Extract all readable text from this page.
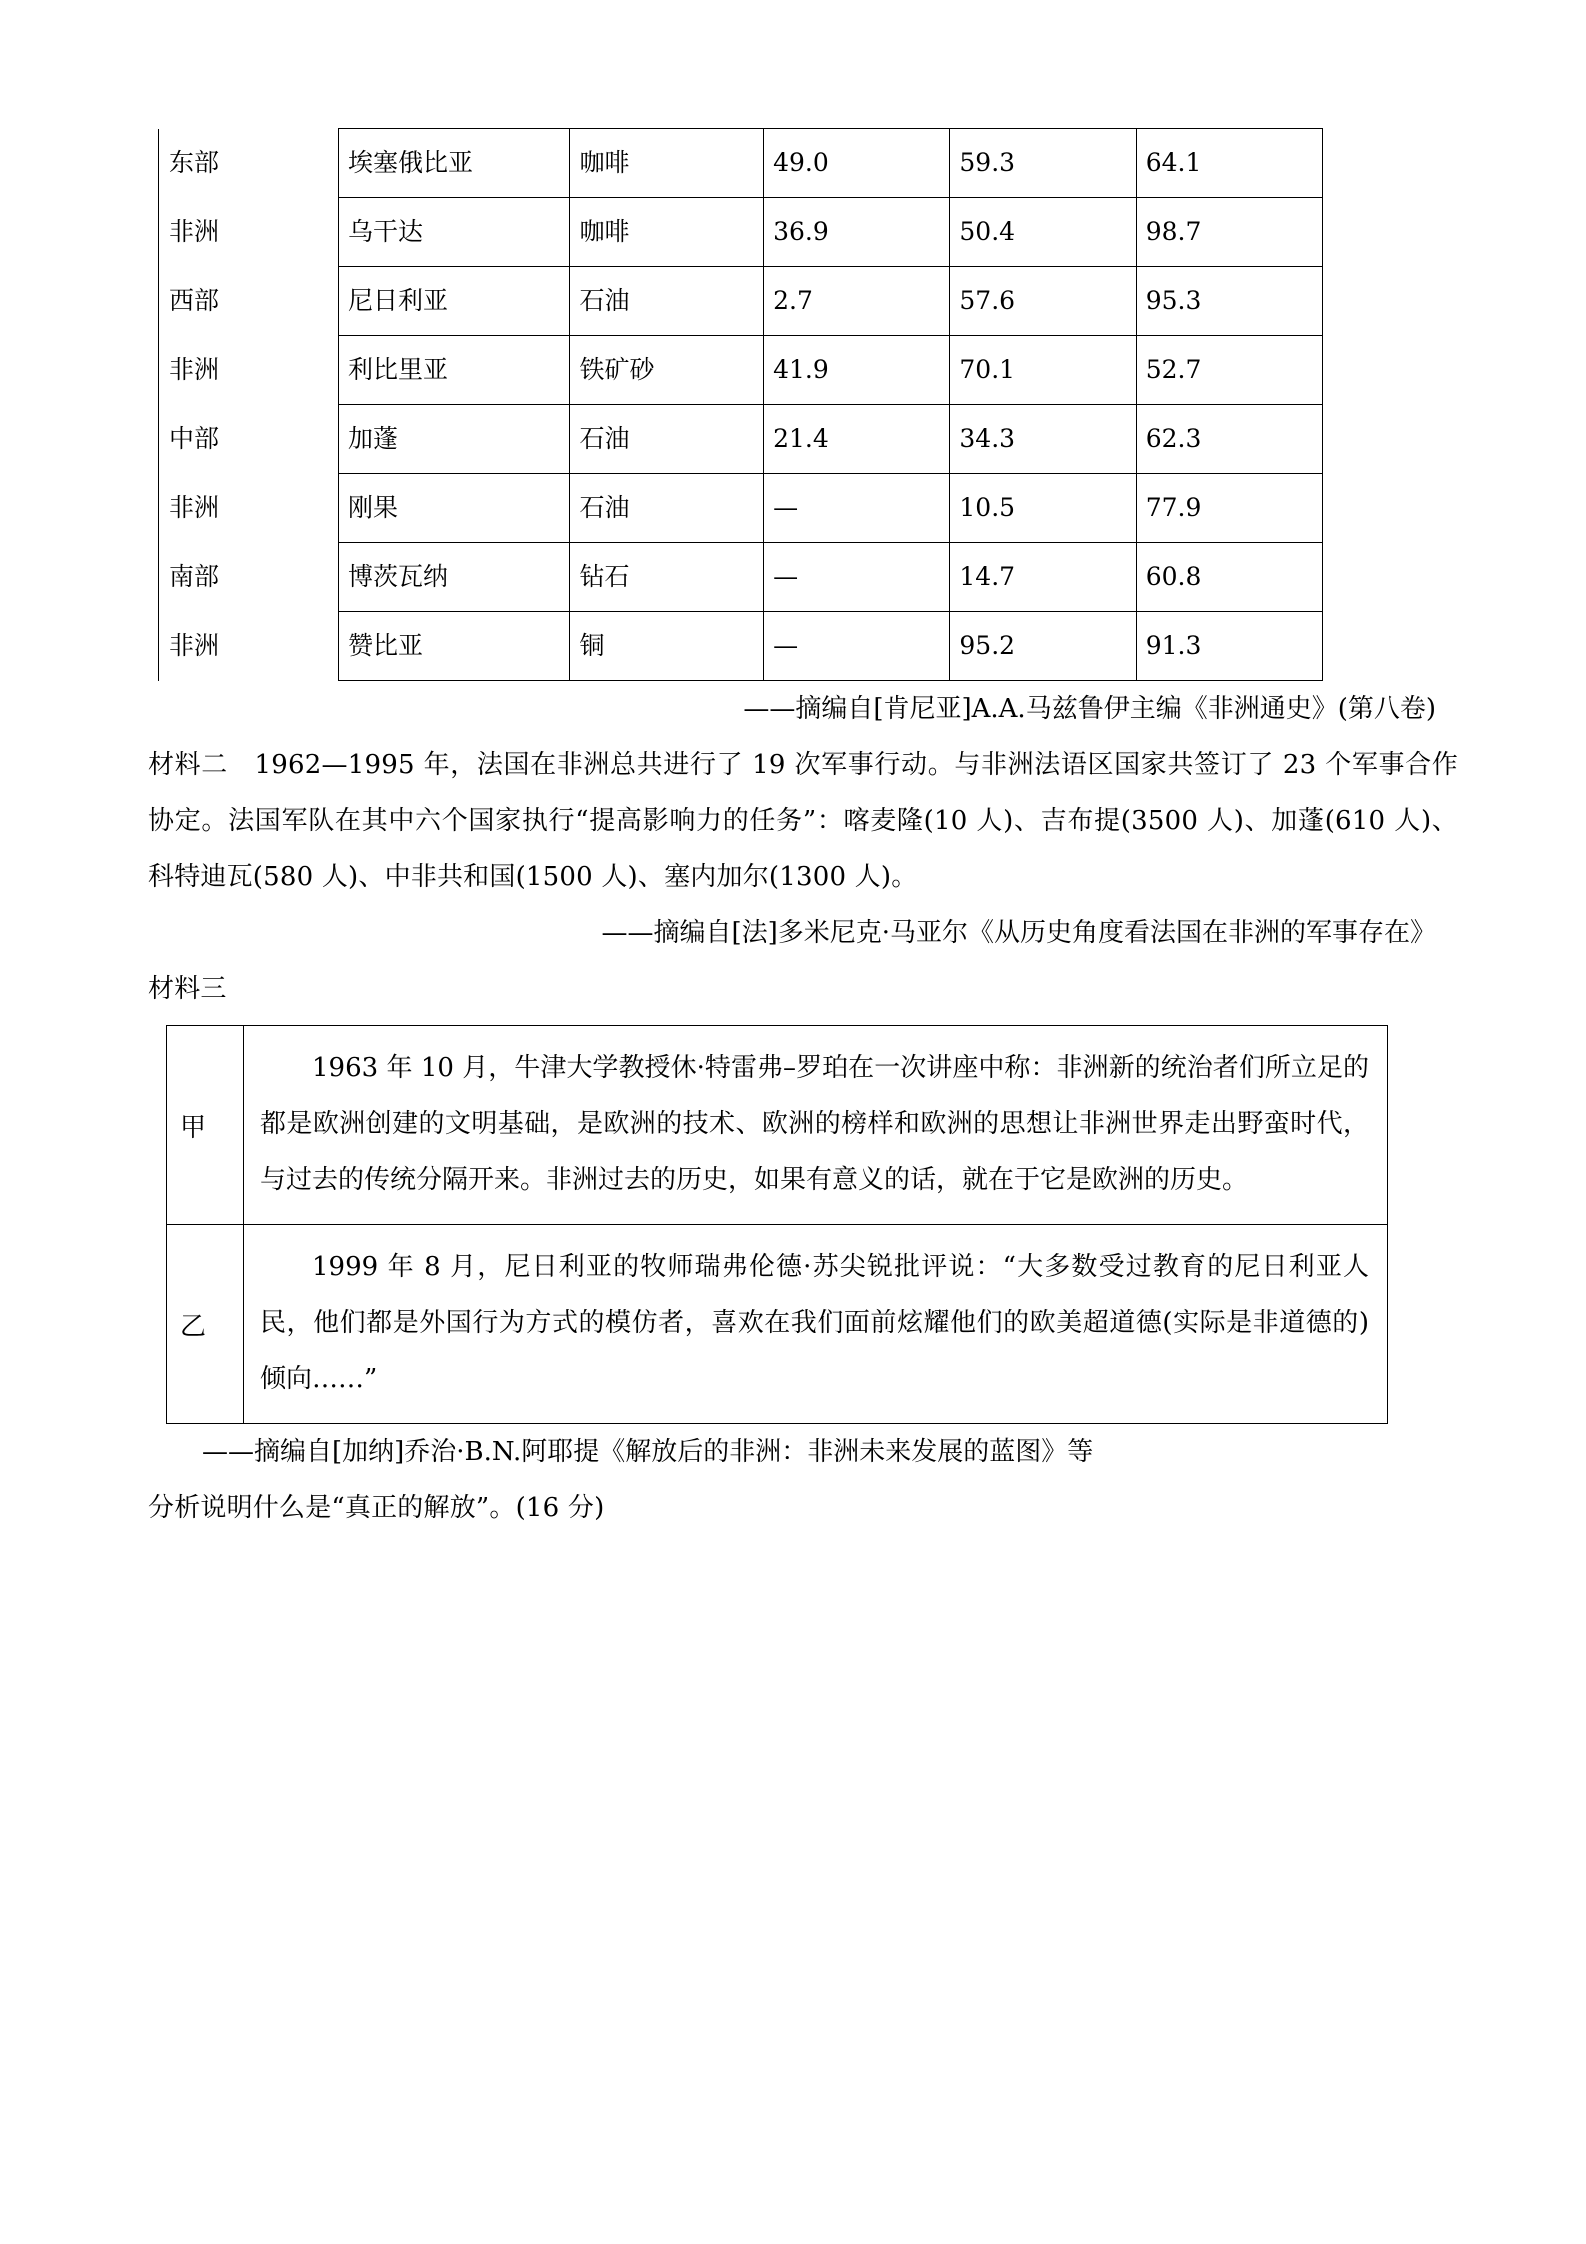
东部	埃塞俄比亚	咖啡	49.0	59.3	64.1
非洲	乌干达	咖啡	36.9	50.4	98.7
西部	尼日利亚	石油	2.7	57.6	95.3
非洲	利比里亚	铁矿砂	41.9	70.1	52.7
中部	加蓬	石油	21.4	34.3	62.3
非洲	刚果	石油	—	10.5	77.9
南部	博茨瓦纳	钻石	—	14.7	60.8
非洲	赞比亚	铜	—	95.2	91.3

——摘编自[肯尼亚]A.A.马兹鲁伊主编《非洲通史》(第八卷)

材料二　1962—1995 年，法国在非洲总共进行了 19 次军事行动。与非洲法语区国家共签订了 23 个军事合作协定。法国军队在其中六个国家执行“提高影响力的任务”：喀麦隆(10 人)、吉布提(3500 人)、加蓬(610 人)、科特迪瓦(580 人)、中非共和国(1500 人)、塞内加尔(1300 人)。

——摘编自[法]多米尼克·马亚尔《从历史角度看法国在非洲的军事存在》

材料三

甲	1963 年 10 月，牛津大学教授休·特雷弗–罗珀在一次讲座中称：非洲新的统治者们所立足的都是欧洲创建的文明基础，是欧洲的技术、欧洲的榜样和欧洲的思想让非洲世界走出野蛮时代，与过去的传统分隔开来。非洲过去的历史，如果有意义的话，就在于它是欧洲的历史。

乙	1999 年 8 月，尼日利亚的牧师瑞弗伦德·苏尖锐批评说：“大多数受过教育的尼日利亚人民，他们都是外国行为方式的模仿者，喜欢在我们面前炫耀他们的欧美超道德(实际是非道德的)倾向……”

——摘编自[加纳]乔治·B.N.阿耶提《解放后的非洲：非洲未来发展的蓝图》等

分析说明什么是“真正的解放”。(16 分)
